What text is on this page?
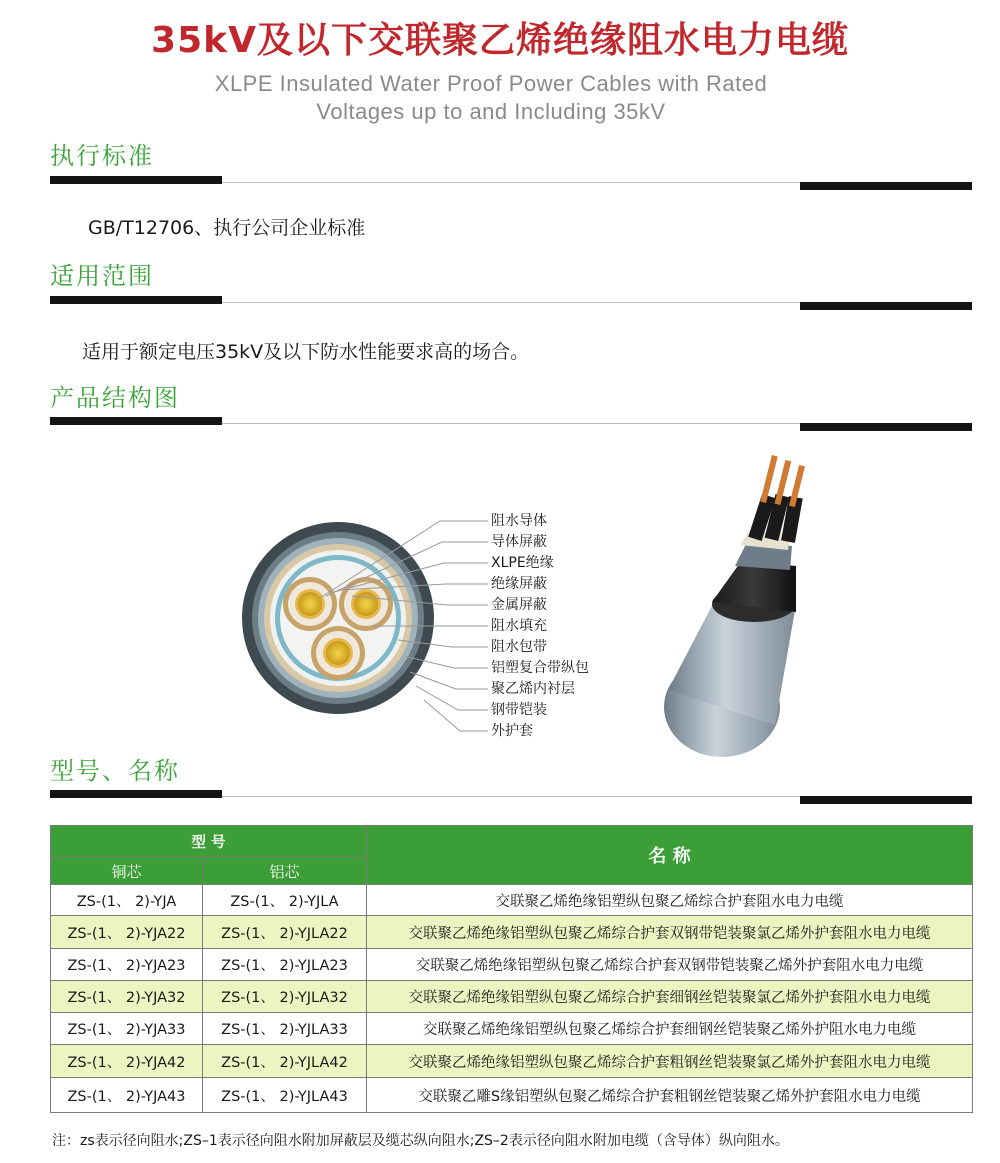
35kV及以下交联聚乙烯绝缘阻水电力电缆
XLPE Insulated Water Proof Power Cables with Rated
Voltages up to and Including 35kV
执行标准
GB/T12706、执行公司企业标准
适用范围
适用于额定电压35kV及以下防水性能要求高的场合。
产品结构图
阻水导体
导体屏蔽
XLPE绝缘
绝缘屏蔽
金属屏蔽
阻水填充
阻水包带
铝塑复合带纵包
聚乙烯内衬层
钢带铠装
外护套
型号、名称
型 号		名 称
铜芯	铝芯	
ZS-(1、 2)-YJA	ZS-(1、 2)-YJLA	交联聚乙烯绝缘铝塑纵包聚乙烯综合护套阻水电力电缆
ZS-(1、 2)-YJA22	ZS-(1、 2)-YJLA22	交联聚乙烯绝缘铝塑纵包聚乙烯综合护套双钢带铠装聚氯乙烯外护套阻水电力电缆
ZS-(1、 2)-YJA23	ZS-(1、 2)-YJLA23	交联聚乙烯绝缘铝塑纵包聚乙烯综合护套双钢带铠装聚乙烯外护套阻水电力电缆
ZS-(1、 2)-YJA32	ZS-(1、 2)-YJLA32	交联聚乙烯绝缘铝塑纵包聚乙烯综合护套细钢丝铠装聚氯乙烯外护套阻水电力电缆
ZS-(1、 2)-YJA33	ZS-(1、 2)-YJLA33	交联聚乙烯绝缘铝塑纵包聚乙烯综合护套细钢丝铠装聚乙烯外护阻水电力电缆
ZS-(1、 2)-YJA42	ZS-(1、 2)-YJLA42	交联聚乙烯绝缘铝塑纵包聚乙烯综合护套粗钢丝铠装聚氯乙烯外护套阻水电力电缆
ZS-(1、 2)-YJA43	ZS-(1、 2)-YJLA43	交联聚乙雕S缘铝塑纵包聚乙烯综合护套粗钢丝铠装聚乙烯外护套阻水电力电缆
注：zs表示径向阻水;ZS–1表示径向阻水附加屏蔽层及缆芯纵向阻水;ZS–2表示径向阻水附加电缆（含导体）纵向阻水。
